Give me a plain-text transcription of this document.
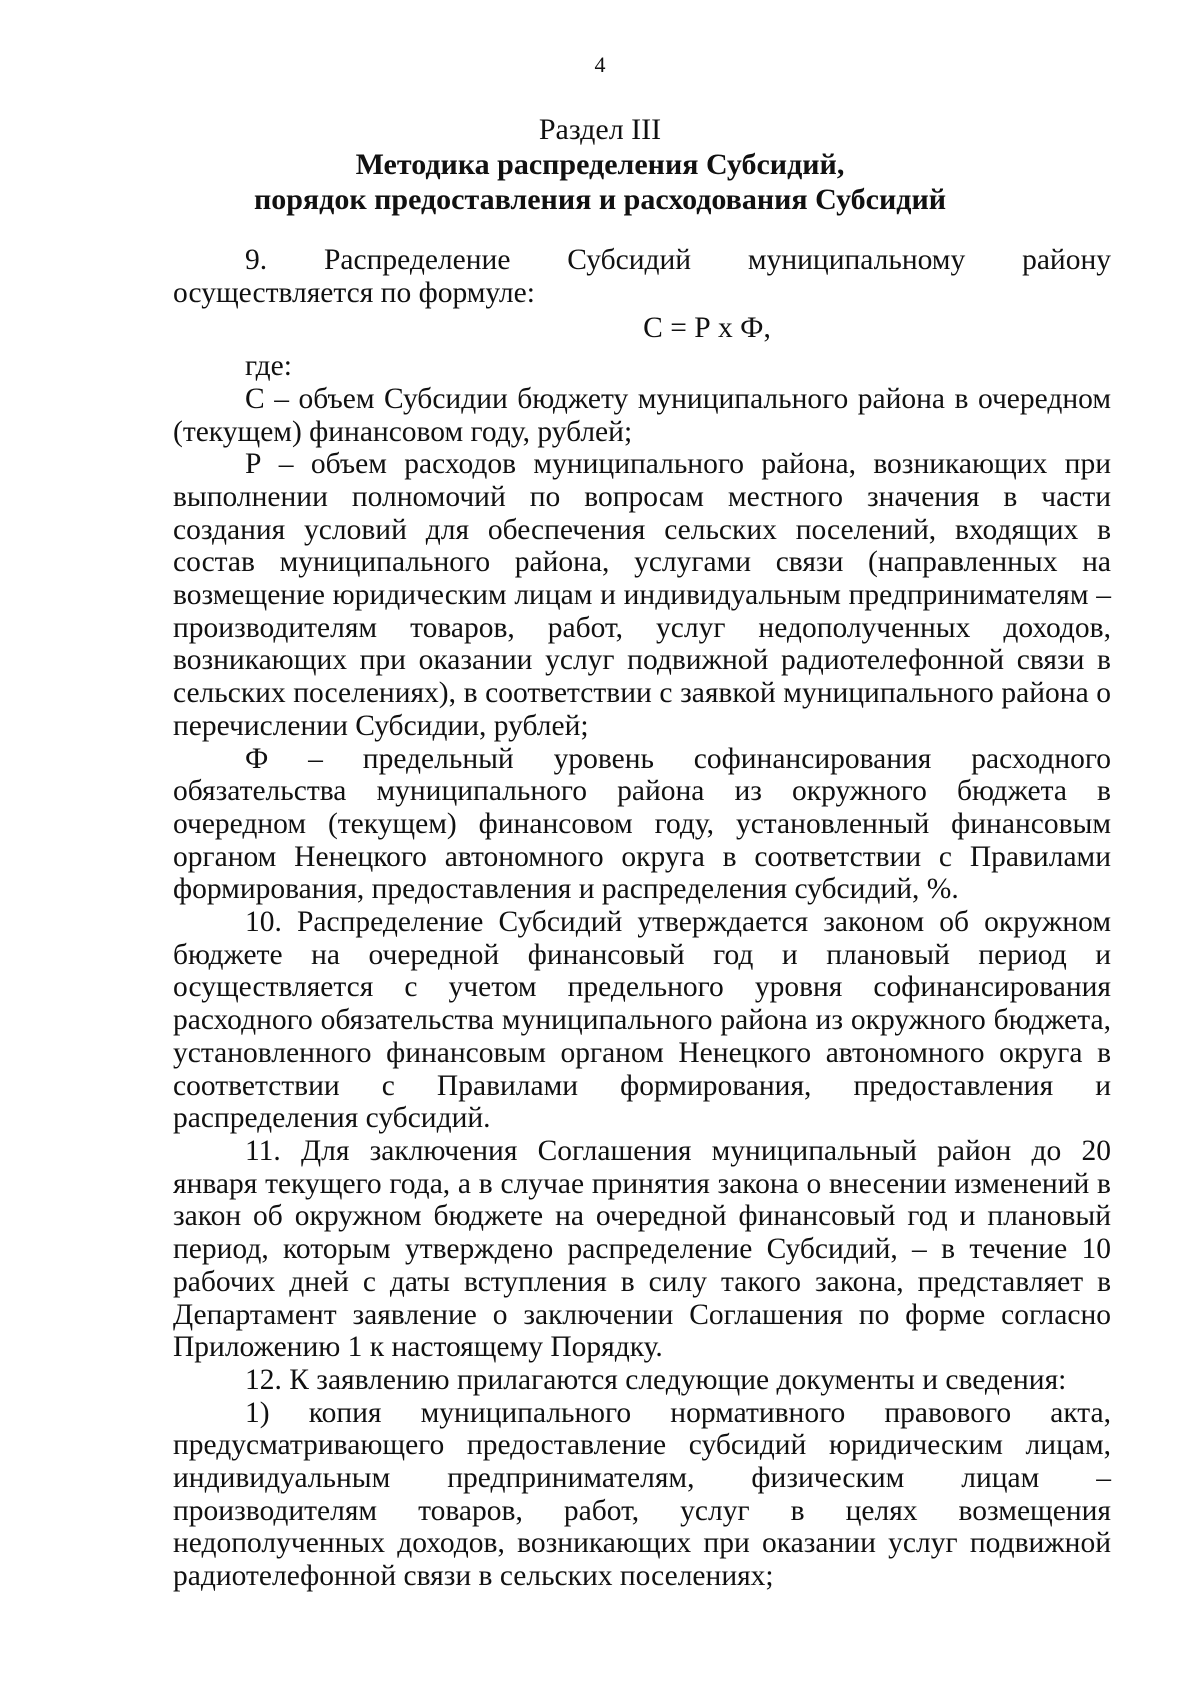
4
Раздел III
Методика распределения Субсидий,
порядок предоставления и расходования Субсидий

9. Распределение Субсидий муниципальному району осуществляется по формуле:

С = Р х Ф,

где:

С – объем Субсидии бюджету муниципального района в очередном (текущем) финансовом году, рублей;

Р – объем расходов муниципального района, возникающих при выполнении полномочий по вопросам местного значения в части создания условий для обеспечения сельских поселений, входящих в состав муниципального района, услугами связи (направленных на возмещение юридическим лицам и индивидуальным предпринимателям – производителям товаров, работ, услуг недополученных доходов, возникающих при оказании услуг подвижной радиотелефонной связи в сельских поселениях), в соответствии с заявкой муниципального района о перечислении Субсидии, рублей;

Ф – предельный уровень софинансирования расходного обязательства муниципального района из окружного бюджета в очередном (текущем) финансовом году, установленный финансовым органом Ненецкого автономного округа в соответствии с Правилами формирования, предоставления и распределения субсидий, %.

10. Распределение Субсидий утверждается законом об окружном бюджете на очередной финансовый год и плановый период и осуществляется с учетом предельного уровня софинансирования расходного обязательства муниципального района из окружного бюджета, установленного финансовым органом Ненецкого автономного округа в соответствии с Правилами формирования, предоставления и распределения субсидий.

11. Для заключения Соглашения муниципальный район до 20 января текущего года, а в случае принятия закона о внесении изменений в закон об окружном бюджете на очередной финансовый год и плановый период, которым утверждено распределение Субсидий, – в течение 10 рабочих дней с даты вступления в силу такого закона, представляет в Департамент заявление о заключении Соглашения по форме согласно Приложению 1 к настоящему Порядку.

12. К заявлению прилагаются следующие документы и сведения:

1) копия муниципального нормативного правового акта, предусматривающего предоставление субсидий юридическим лицам, индивидуальным предпринимателям, физическим лицам – производителям товаров, работ, услуг в целях возмещения недополученных доходов, возникающих при оказании услуг подвижной радиотелефонной связи в сельских поселениях;
